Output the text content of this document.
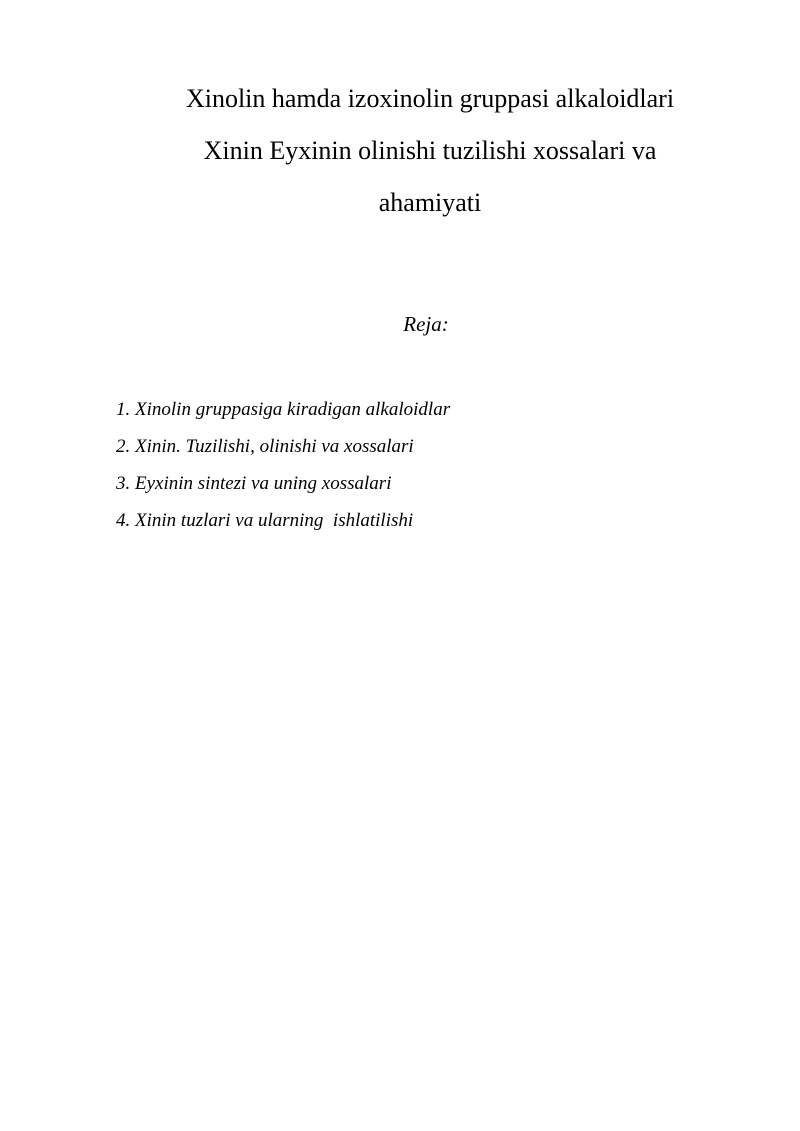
Xinolin hamda izoxinolin gruppasi alkaloidlari
Xinin Eyxinin olinishi tuzilishi xossalari va
ahamiyati

Reja:

1. Xinolin gruppasiga kiradigan alkaloidlar
2. Xinin. Tuzilishi, olinishi va xossalari
3. Eyxinin sintezi va uning xossalari
4. Xinin tuzlari va ularning  ishlatilishi
